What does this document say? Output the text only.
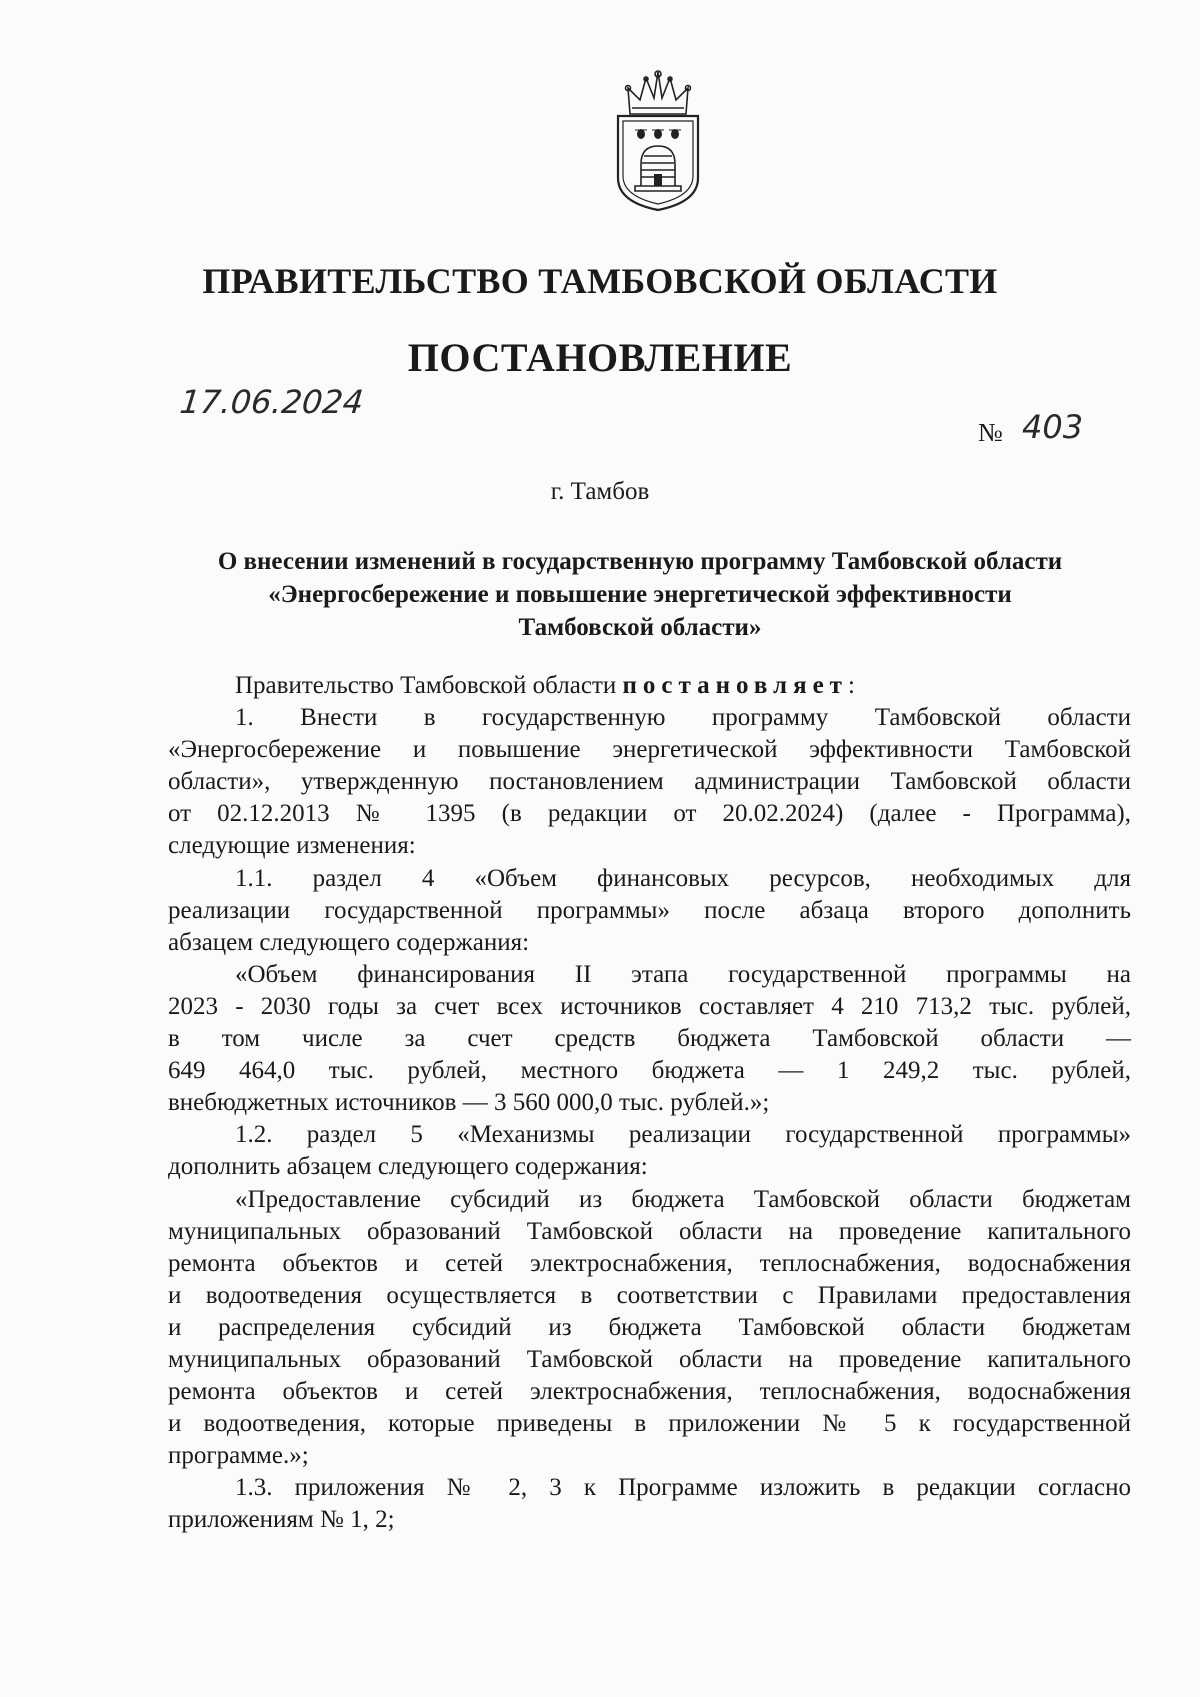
ПРАВИТЕЛЬСТВО ТАМБОВСКОЙ ОБЛАСТИ
ПОСТАНОВЛЕНИЕ
17.06.2024
№ 403
г. Тамбов
О внесении изменений в государственную программу Тамбовской области
«Энергосбережение и повышение энергетической эффективности
Тамбовской области»
Правительство Тамбовской области постановляет:
1. Внести в государственную программу Тамбовской области
«Энергосбережение и повышение энергетической эффективности Тамбовской
области», утвержденную постановлением администрации Тамбовской области
от 02.12.2013 № 1395 (в редакции от 20.02.2024) (далее - Программа),
следующие изменения:
1.1. раздел 4 «Объем финансовых ресурсов, необходимых для
реализации государственной программы» после абзаца второго дополнить
абзацем следующего содержания:
«Объем финансирования II этапа государственной программы на
2023 - 2030 годы за счет всех источников составляет 4 210 713,2 тыс. рублей,
в том числе за счет средств бюджета Тамбовской области —
649 464,0 тыс. рублей, местного бюджета — 1 249,2 тыс. рублей,
внебюджетных источников — 3 560 000,0 тыс. рублей.»;
1.2. раздел 5 «Механизмы реализации государственной программы»
дополнить абзацем следующего содержания:
«Предоставление субсидий из бюджета Тамбовской области бюджетам
муниципальных образований Тамбовской области на проведение капитального
ремонта объектов и сетей электроснабжения, теплоснабжения, водоснабжения
и водоотведения осуществляется в соответствии с Правилами предоставления
и распределения субсидий из бюджета Тамбовской области бюджетам
муниципальных образований Тамбовской области на проведение капитального
ремонта объектов и сетей электроснабжения, теплоснабжения, водоснабжения
и водоотведения, которые приведены в приложении № 5 к государственной
программе.»;
1.3. приложения № 2, 3 к Программе изложить в редакции согласно
приложениям № 1, 2;
